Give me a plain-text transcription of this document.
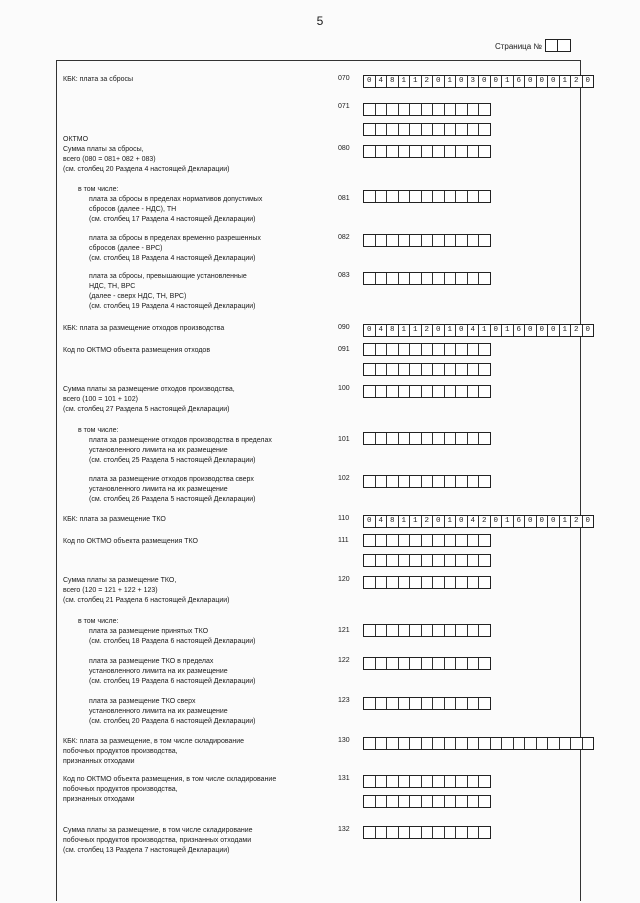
5
Страница №
КБК: плата за сбросы	070	0 4 8 1 1 2 0 1 0 3 0 0 1 6 0 0 0 1 2 0
ОКТМО
071
Сумма платы за сбросы,
всего (080 = 081+ 082 + 083)
(см. столбец 20 Раздела 4 настоящей Декларации)
080
в том числе:
плата за сбросы в пределах нормативов допустимых
сбросов (далее - НДС), ТН
(см. столбец 17 Раздела 4 настоящей Декларации)
081
плата за сбросы в пределах временно разрешенных
сбросов (далее - ВРС)
(см. столбец 18 Раздела 4 настоящей Декларации)
082
плата за сбросы, превышающие установленные
НДС, ТН, ВРС
(далее - сверх НДС, ТН, ВРС)
(см. столбец 19 Раздела 4 настоящей Декларации)
083
КБК: плата за размещение отходов производства	090	0 4 8 1 1 2 0 1 0 4 1 0 1 6 0 0 0 1 2 0
Код по ОКТМО объекта размещения отходов	091
Сумма платы за размещение отходов производства,
всего (100 = 101 + 102)
(см. столбец 27 Раздела 5 настоящей Декларации)
100
в том числе:
плата за размещение отходов производства в пределах
установленного лимита на их размещение
(см. столбец 25 Раздела 5 настоящей Декларации)
101
плата за размещение отходов производства сверх
установленного лимита на их размещение
(см. столбец 26 Раздела 5 настоящей Декларации)
102
КБК: плата за размещение ТКО	110	0 4 8 1 1 2 0 1 0 4 2 0 1 6 0 0 0 1 2 0
Код по ОКТМО объекта размещения ТКО	111
Сумма платы за размещение ТКО,
всего (120 = 121 + 122 + 123)
(см. столбец 21 Раздела 6 настоящей Декларации)
120
в том числе:
плата за размещение принятых ТКО
(см. столбец 18 Раздела 6 настоящей Декларации)
121
плата за размещение ТКО в пределах
установленного лимита на их размещение
(см. столбец 19 Раздела 6 настоящей Декларации)
122
плата за размещение ТКО сверх
установленного лимита на их размещение
(см. столбец 20 Раздела 6 настоящей Декларации)
123
КБК: плата за размещение, в том числе складирование
побочных продуктов производства,
признанных отходами
130
Код по ОКТМО объекта размещения, в том числе складирование
побочных продуктов производства,
признанных отходами
131
Сумма платы за размещение, в том числе складирование
побочных продуктов производства, признанных отходами
(см. столбец 13 Раздела 7 настоящей Декларации)
132
